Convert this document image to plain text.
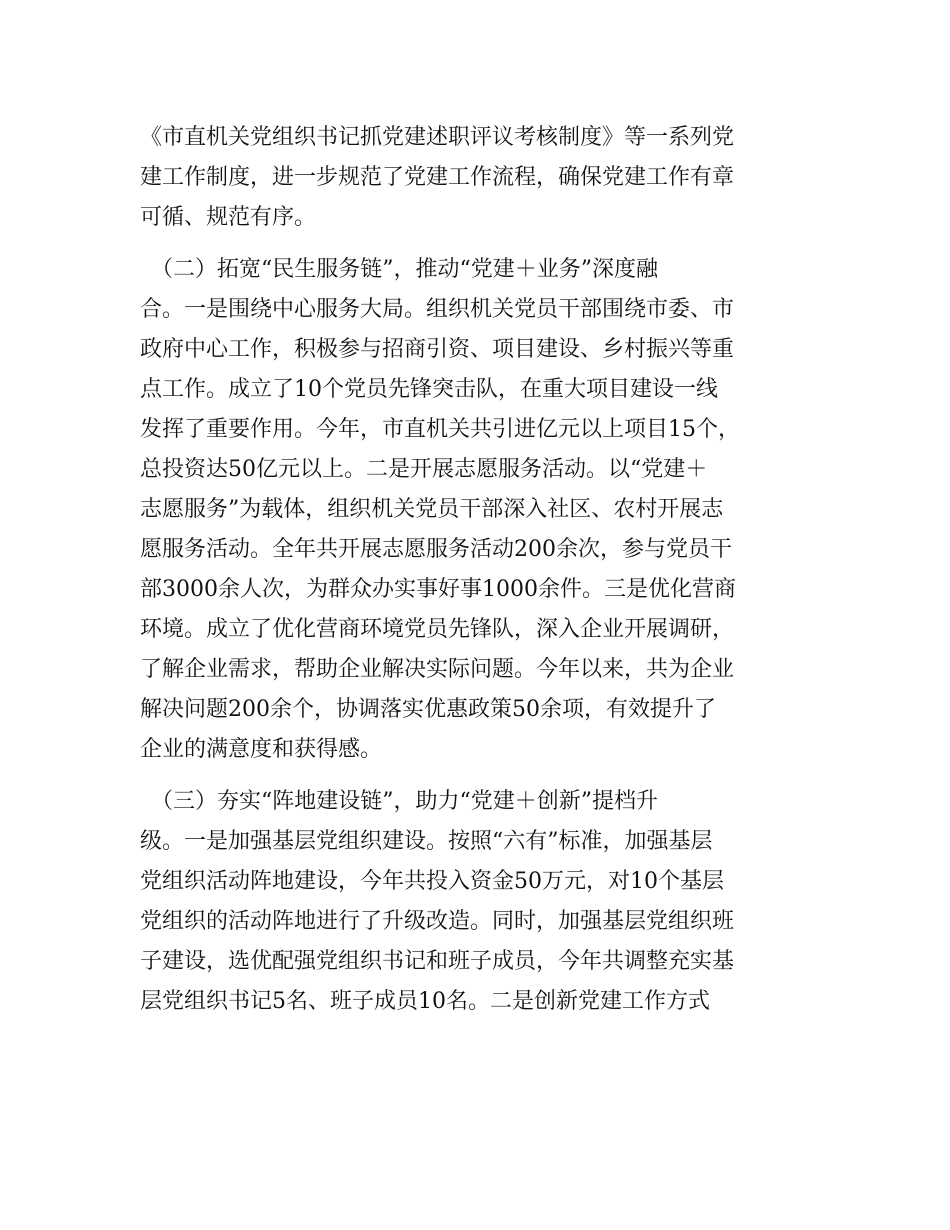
《市直机关党组织书记抓党建述职评议考核制度》等一系列党
建工作制度，进一步规范了党建工作流程，确保党建工作有章
可循、规范有序。
　（二）拓宽“民生服务链”，推动“党建＋业务”深度融
合。一是围绕中心服务大局。组织机关党员干部围绕市委、市
政府中心工作，积极参与招商引资、项目建设、乡村振兴等重
点工作。成立了10个党员先锋突击队，在重大项目建设一线
发挥了重要作用。今年，市直机关共引进亿元以上项目15个，
总投资达50亿元以上。二是开展志愿服务活动。以“党建＋
志愿服务”为载体，组织机关党员干部深入社区、农村开展志
愿服务活动。全年共开展志愿服务活动200余次，参与党员干
部3000余人次，为群众办实事好事1000余件。三是优化营商
环境。成立了优化营商环境党员先锋队，深入企业开展调研，
了解企业需求，帮助企业解决实际问题。今年以来，共为企业
解决问题200余个，协调落实优惠政策50余项，有效提升了
企业的满意度和获得感。
　（三）夯实“阵地建设链”，助力“党建＋创新”提档升
级。一是加强基层党组织建设。按照“六有”标准，加强基层
党组织活动阵地建设，今年共投入资金50万元，对10个基层
党组织的活动阵地进行了升级改造。同时，加强基层党组织班
子建设，选优配强党组织书记和班子成员，今年共调整充实基
层党组织书记5名、班子成员10名。二是创新党建工作方式
